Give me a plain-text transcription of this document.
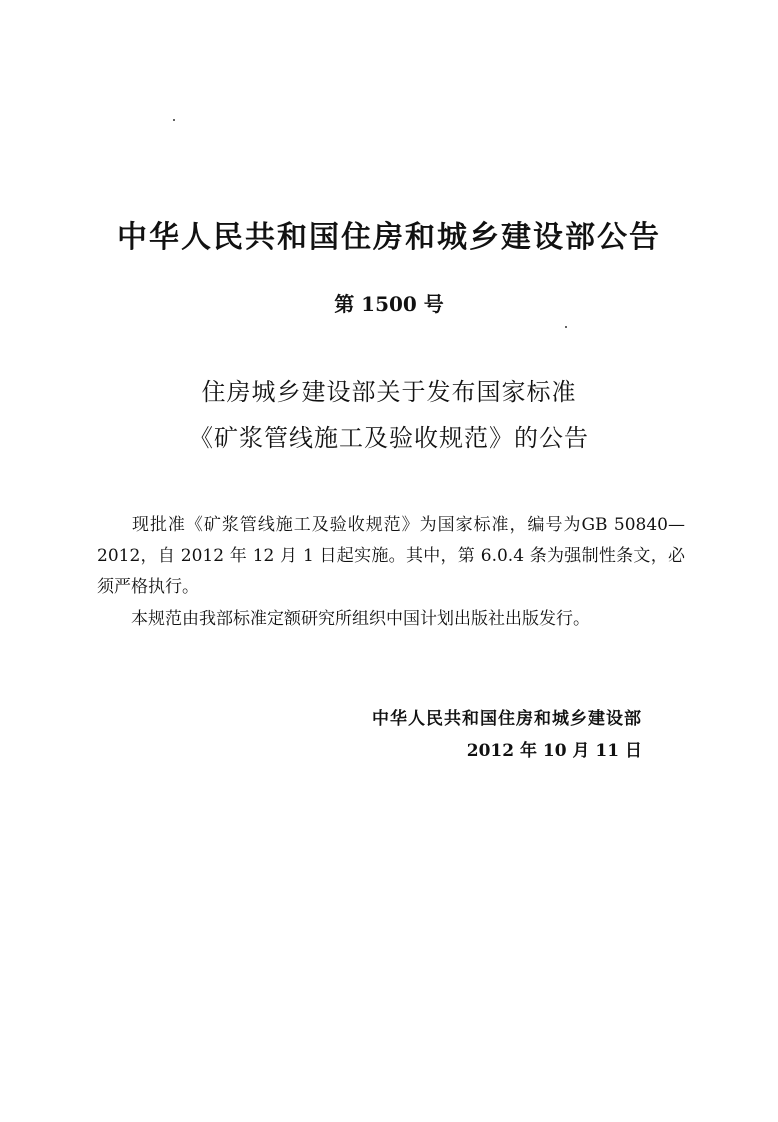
中华人民共和国住房和城乡建设部公告
第 1500 号
住房城乡建设部关于发布国家标准
《矿浆管线施工及验收规范》的公告
现批准《矿浆管线施工及验收规范》为国家标准，编号为GB 50840—2012，自 2012 年 12 月 1 日起实施。其中，第 6.0.4 条为强制性条文，必须严格执行。
本规范由我部标准定额研究所组织中国计划出版社出版发行。
中华人民共和国住房和城乡建设部
2012 年 10 月 11 日
